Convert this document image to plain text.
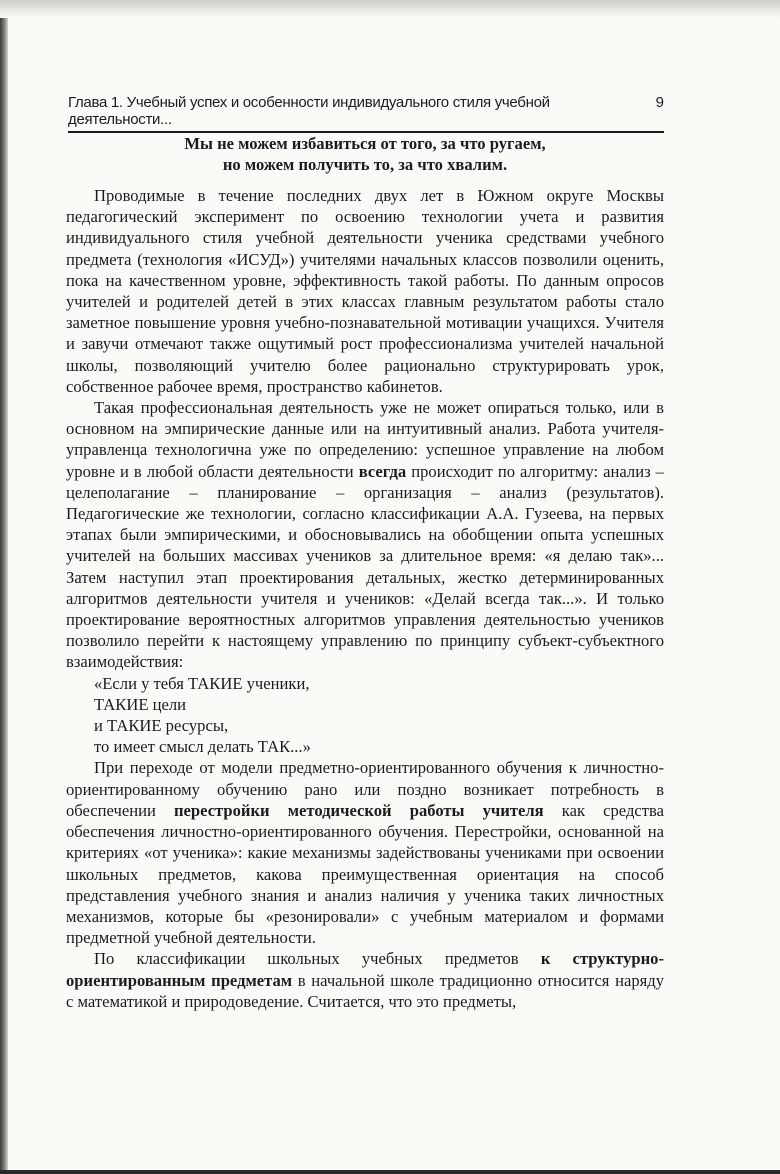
Глава 1. Учебный успех и особенности индивидуального стиля учебной деятельности...
9
Мы не можем избавиться от того, за что ругаем,
но можем получить то, за что хвалим.

Проводимые в течение последних двух лет в Южном округе Москвы педагогический эксперимент по освоению технологии учета и развития индивидуального стиля учебной деятельности ученика средствами учебного предмета (технология «ИСУД») учителями начальных классов позволили оценить, пока на качественном уровне, эффективность такой работы. По данным опросов учителей и родителей детей в этих классах главным результатом работы стало заметное повышение уровня учебно-познавательной мотивации учащихся. Учителя и завучи отмечают также ощутимый рост профессионализма учителей начальной школы, позволяющий учителю более рационально структурировать урок, собственное рабочее время, пространство кабинетов.

Такая профессиональная деятельность уже не может опираться только, или в основном на эмпирические данные или на интуитивный анализ. Работа учителя-управленца технологична уже по определению: успешное управление на любом уровне и в любой области деятельности всегда происходит по алгоритму: анализ – целеполагание – планирование – организация – анализ (результатов). Педагогические же технологии, согласно классификации А.А. Гузеева, на первых этапах были эмпирическими, и обосновывались на обобщении опыта успешных учителей на больших массивах учеников за длительное время: «я делаю так»... Затем наступил этап проектирования детальных, жестко детерминированных алгоритмов деятельности учителя и учеников: «Делай всегда так...». И только проектирование вероятностных алгоритмов управления деятельностью учеников позволило перейти к настоящему управлению по принципу субъект-субъектного взаимодействия:

«Если у тебя ТАКИЕ ученики,
ТАКИЕ цели
и ТАКИЕ ресурсы,
то имеет смысл делать ТАК...»

При переходе от модели предметно-ориентированного обучения к личностно-ориентированному обучению рано или поздно возникает потребность в обеспечении перестройки методической работы учителя как средства обеспечения личностно-ориентированного обучения. Перестройки, основанной на критериях «от ученика»: какие механизмы задействованы учениками при освоении школьных предметов, какова преимущественная ориентация на способ представления учебного знания и анализ наличия у ученика таких личностных механизмов, которые бы «резонировали» с учебным материалом и формами предметной учебной деятельности.

По классификации школьных учебных предметов к структурно-ориентированным предметам в начальной школе традиционно относится наряду с математикой и природоведение. Считается, что это предметы,
